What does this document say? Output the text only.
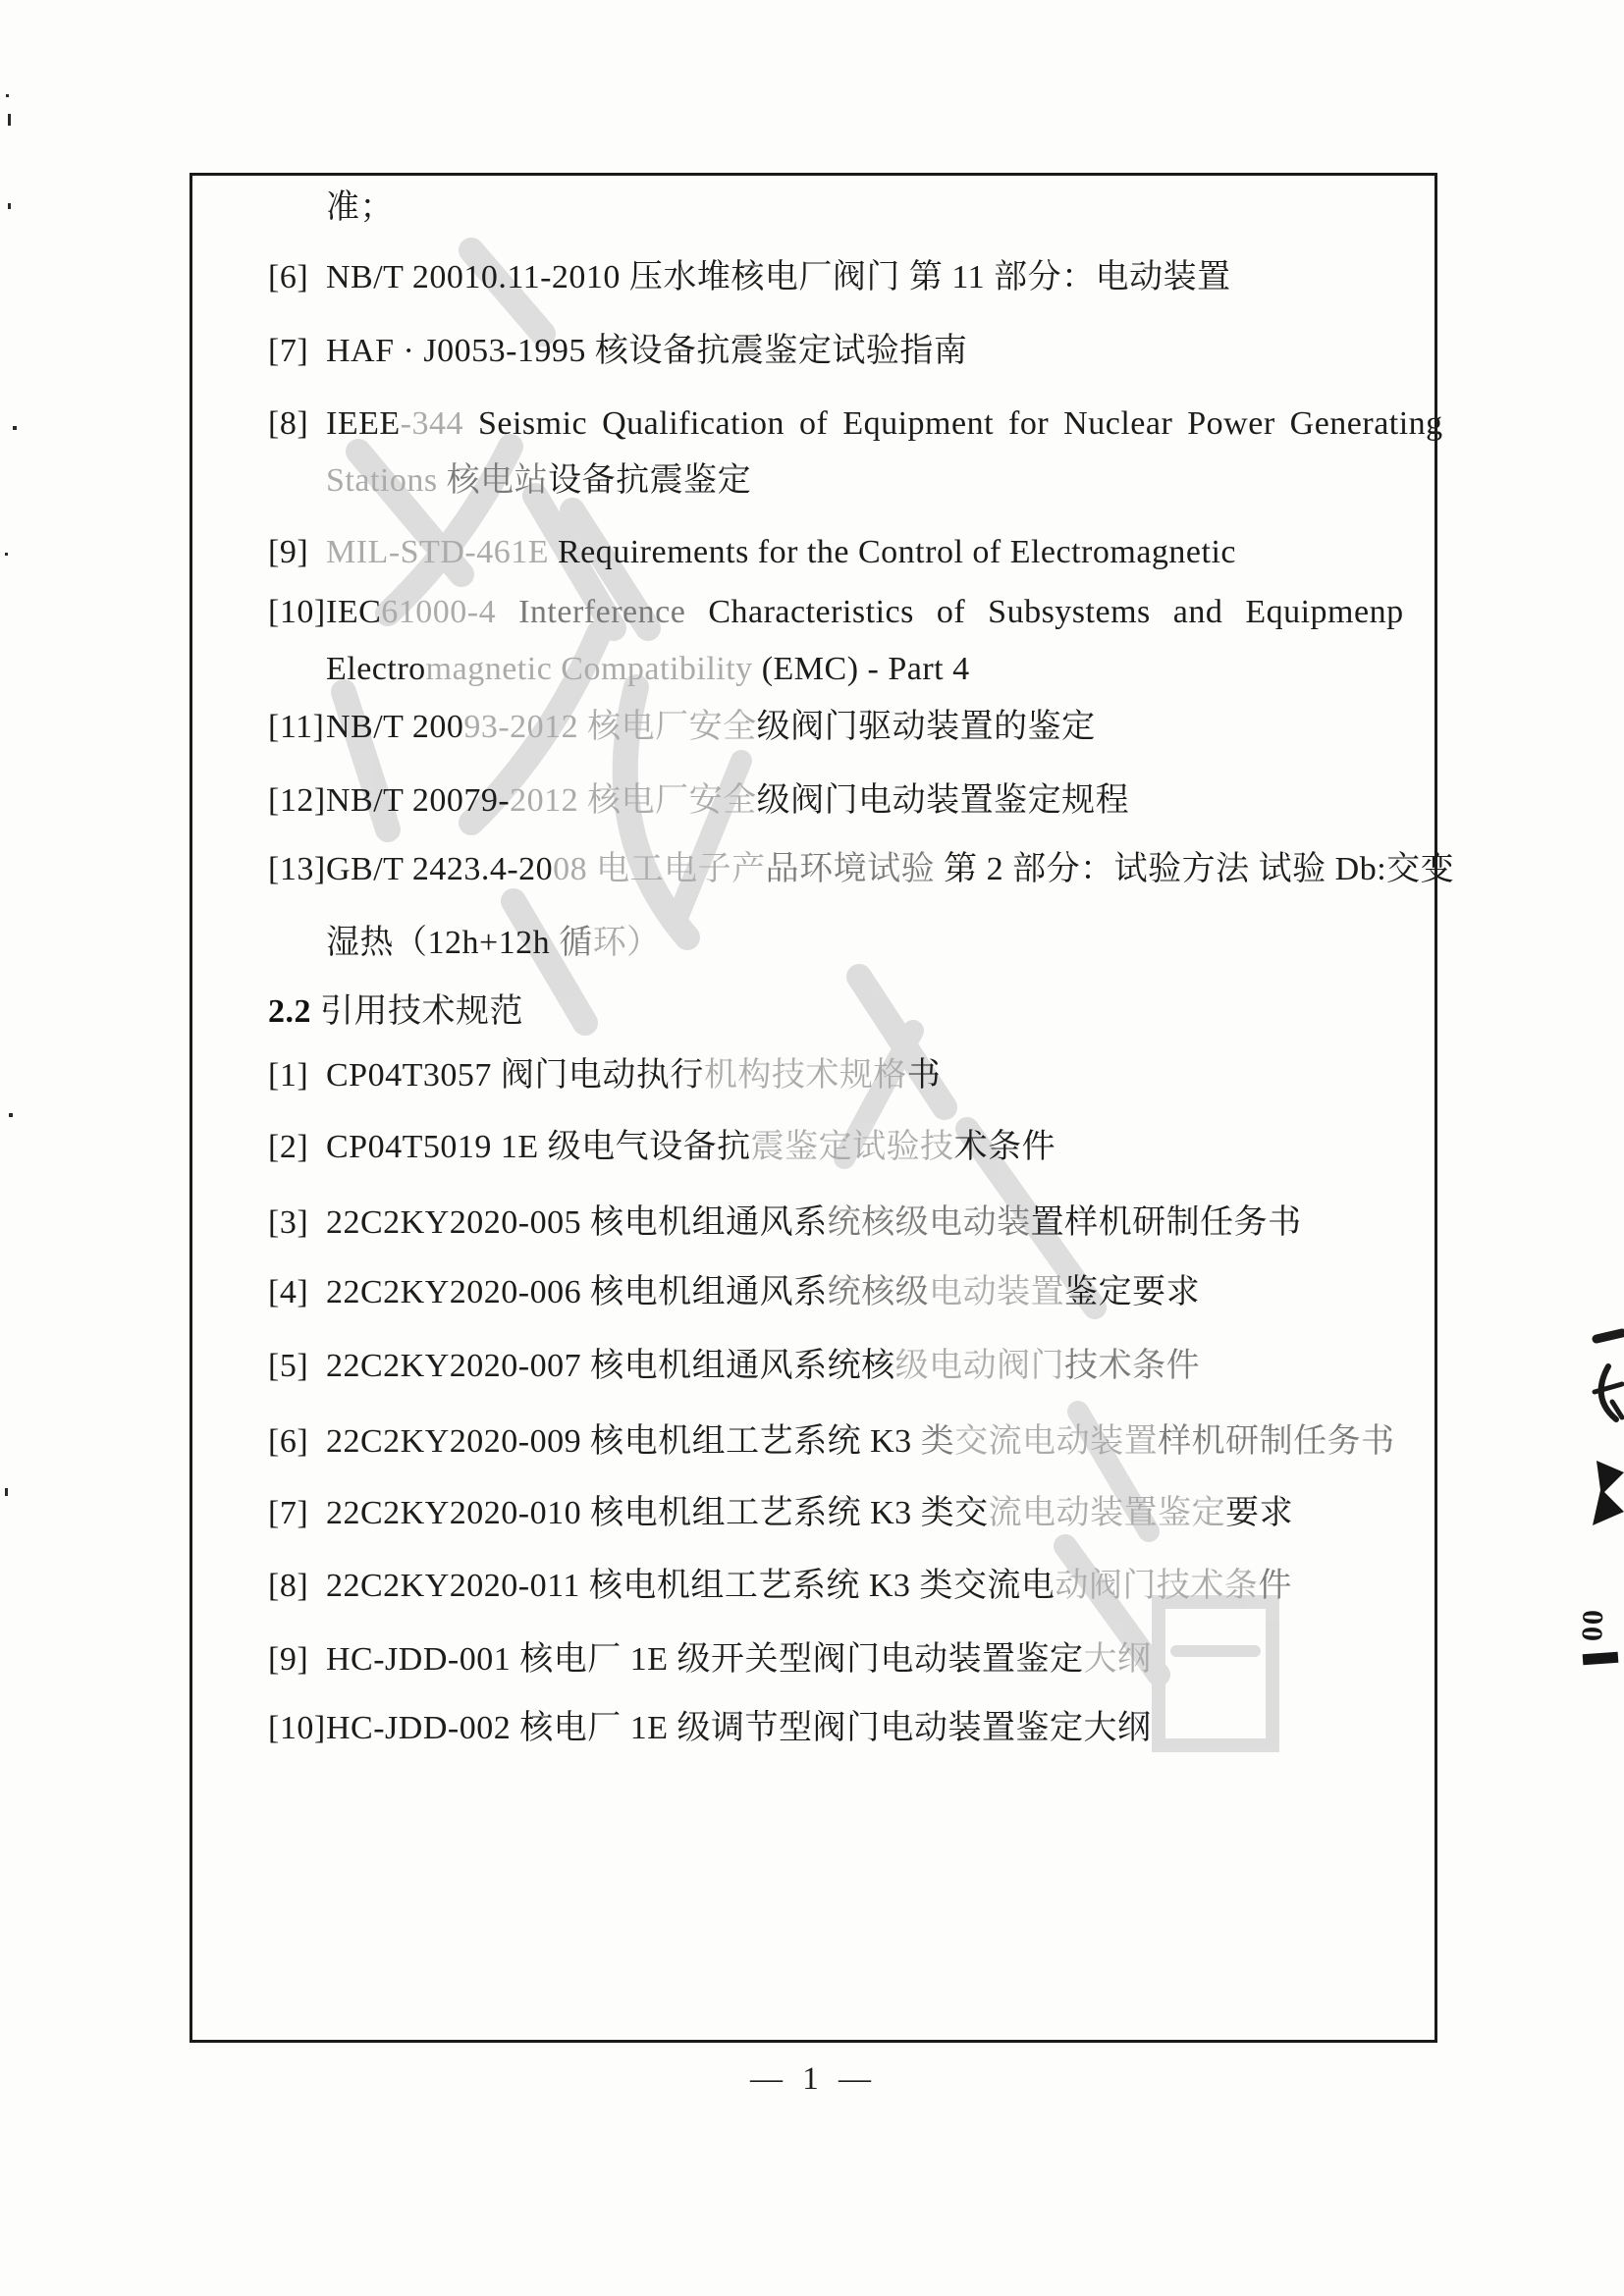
准；
[6] NB/T 20010.11-2010 压水堆核电厂阀门 第 11 部分：电动装置
[7] HAF · J0053-1995 核设备抗震鉴定试验指南
[8] IEEE-344 Seismic Qualification of Equipment for Nuclear Power Generating
Stations 核电站设备抗震鉴定
[9] MIL-STD-461E Requirements for the Control of Electromagnetic
[10]IEC61000-4 Interference Characteristics of Subsystems and Equipmenp
Electromagnetic Compatibility (EMC) - Part 4
[11]NB/T 20093-2012 核电厂安全级阀门驱动装置的鉴定
[12]NB/T 20079-2012 核电厂安全级阀门电动装置鉴定规程
[13]GB/T 2423.4-2008 电工电子产品环境试验 第 2 部分：试验方法 试验 Db:交变
湿热（12h+12h 循环）
2.2 引用技术规范
[1] CP04T3057 阀门电动执行机构技术规格书
[2] CP04T5019 1E 级电气设备抗震鉴定试验技术条件
[3] 22C2KY2020-005 核电机组通风系统核级电动装置样机研制任务书
[4] 22C2KY2020-006 核电机组通风系统核级电动装置鉴定要求
[5] 22C2KY2020-007 核电机组通风系统核级电动阀门技术条件
[6] 22C2KY2020-009 核电机组工艺系统 K3 类交流电动装置样机研制任务书
[7] 22C2KY2020-010 核电机组工艺系统 K3 类交流电动装置鉴定要求
[8] 22C2KY2020-011 核电机组工艺系统 K3 类交流电动阀门技术条件
[9] HC-JDD-001 核电厂 1E 级开关型阀门电动装置鉴定大纲
[10]HC-JDD-002 核电厂 1E 级调节型阀门电动装置鉴定大纲
— 1 —
00
